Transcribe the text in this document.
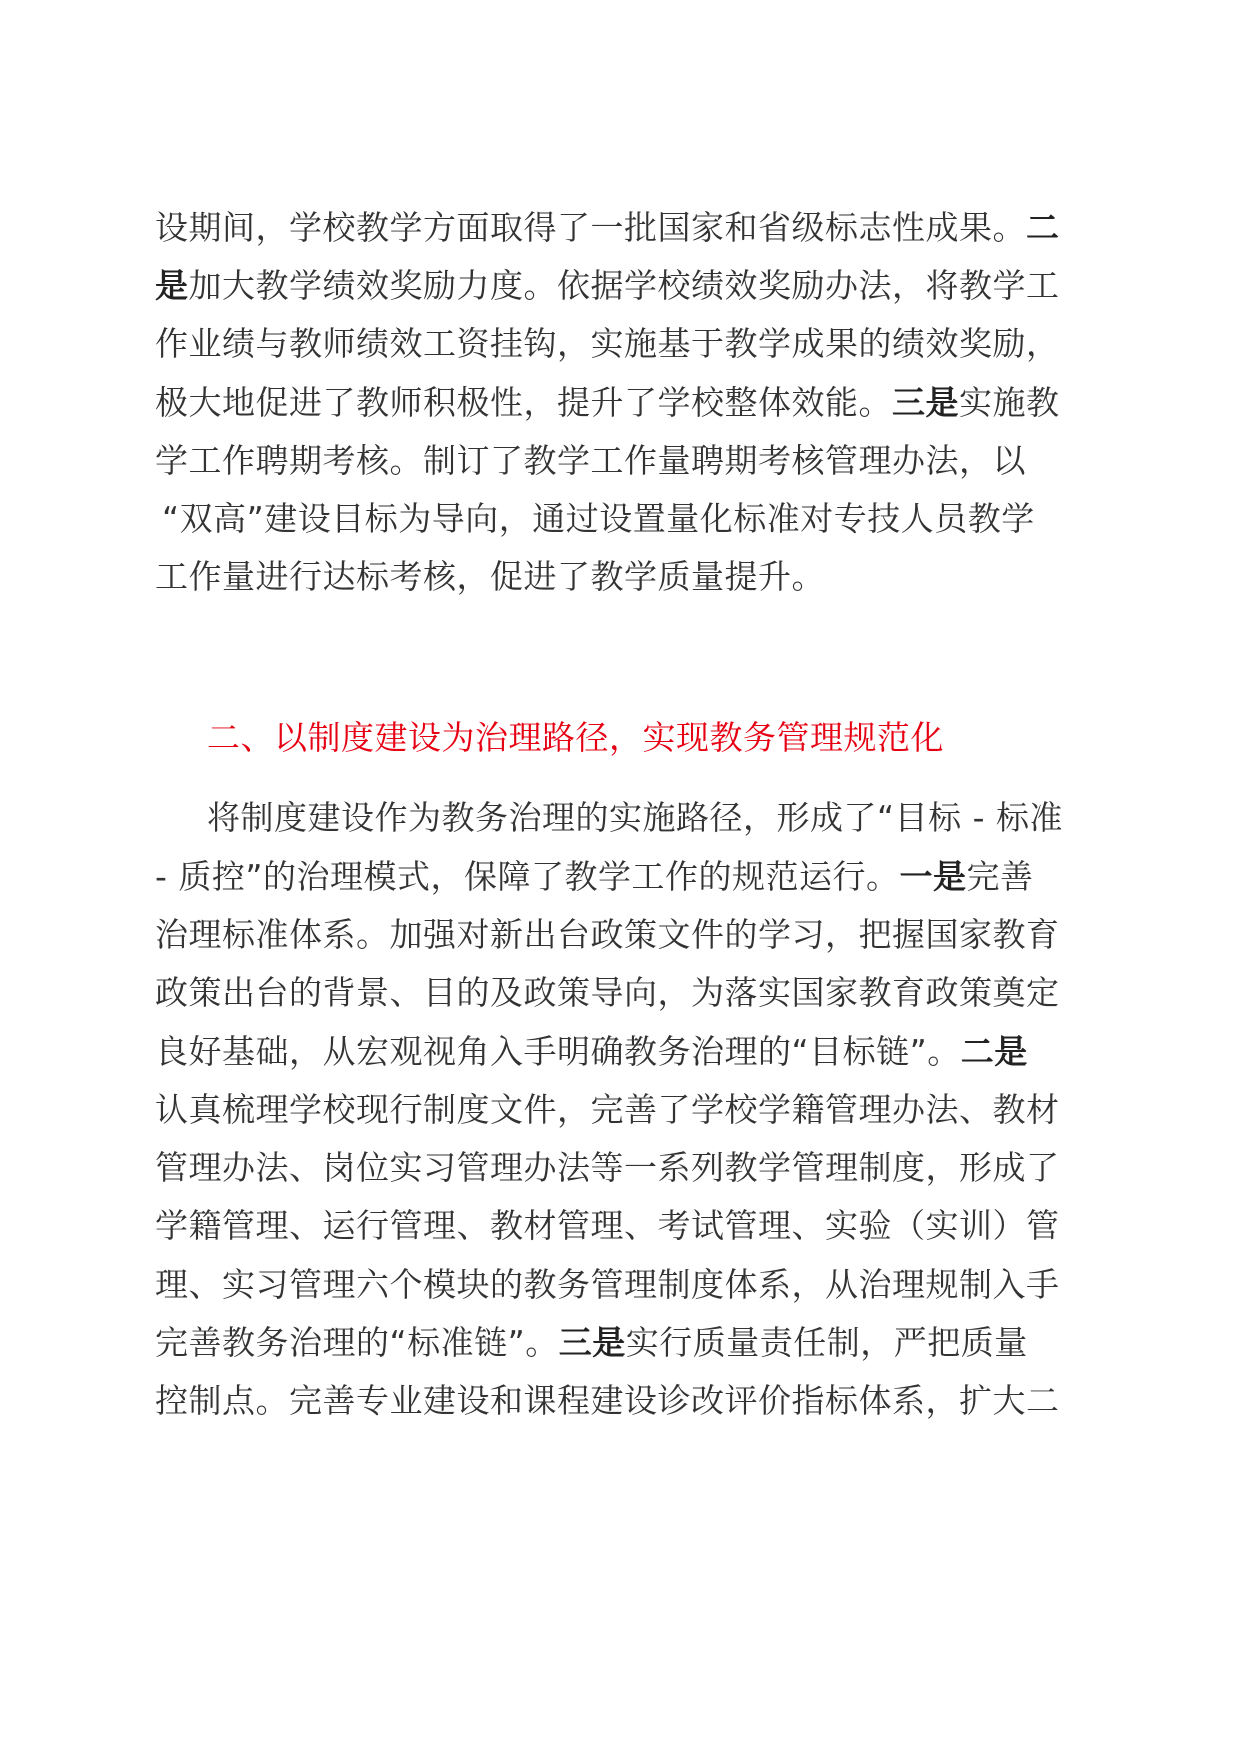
设期间，学校教学方面取得了一批国家和省级标志性成果。二
是加大教学绩效奖励力度。依据学校绩效奖励办法，将教学工
作业绩与教师绩效工资挂钩，实施基于教学成果的绩效奖励，
极大地促进了教师积极性，提升了学校整体效能。三是实施教
学工作聘期考核。制订了教学工作量聘期考核管理办法，以
“双高”建设目标为导向，通过设置量化标准对专技人员教学
工作量进行达标考核，促进了教学质量提升。
二、以制度建设为治理路径，实现教务管理规范化
将制度建设作为教务治理的实施路径，形成了“目标 - 标准
- 质控”的治理模式，保障了教学工作的规范运行。一是完善
治理标准体系。加强对新出台政策文件的学习，把握国家教育
政策出台的背景、目的及政策导向，为落实国家教育政策奠定
良好基础，从宏观视角入手明确教务治理的“目标链”。二是
认真梳理学校现行制度文件，完善了学校学籍管理办法、教材
管理办法、岗位实习管理办法等一系列教学管理制度，形成了
学籍管理、运行管理、教材管理、考试管理、实验（实训）管
理、实习管理六个模块的教务管理制度体系，从治理规制入手
完善教务治理的“标准链”。三是实行质量责任制，严把质量
控制点。完善专业建设和课程建设诊改评价指标体系，扩大二
